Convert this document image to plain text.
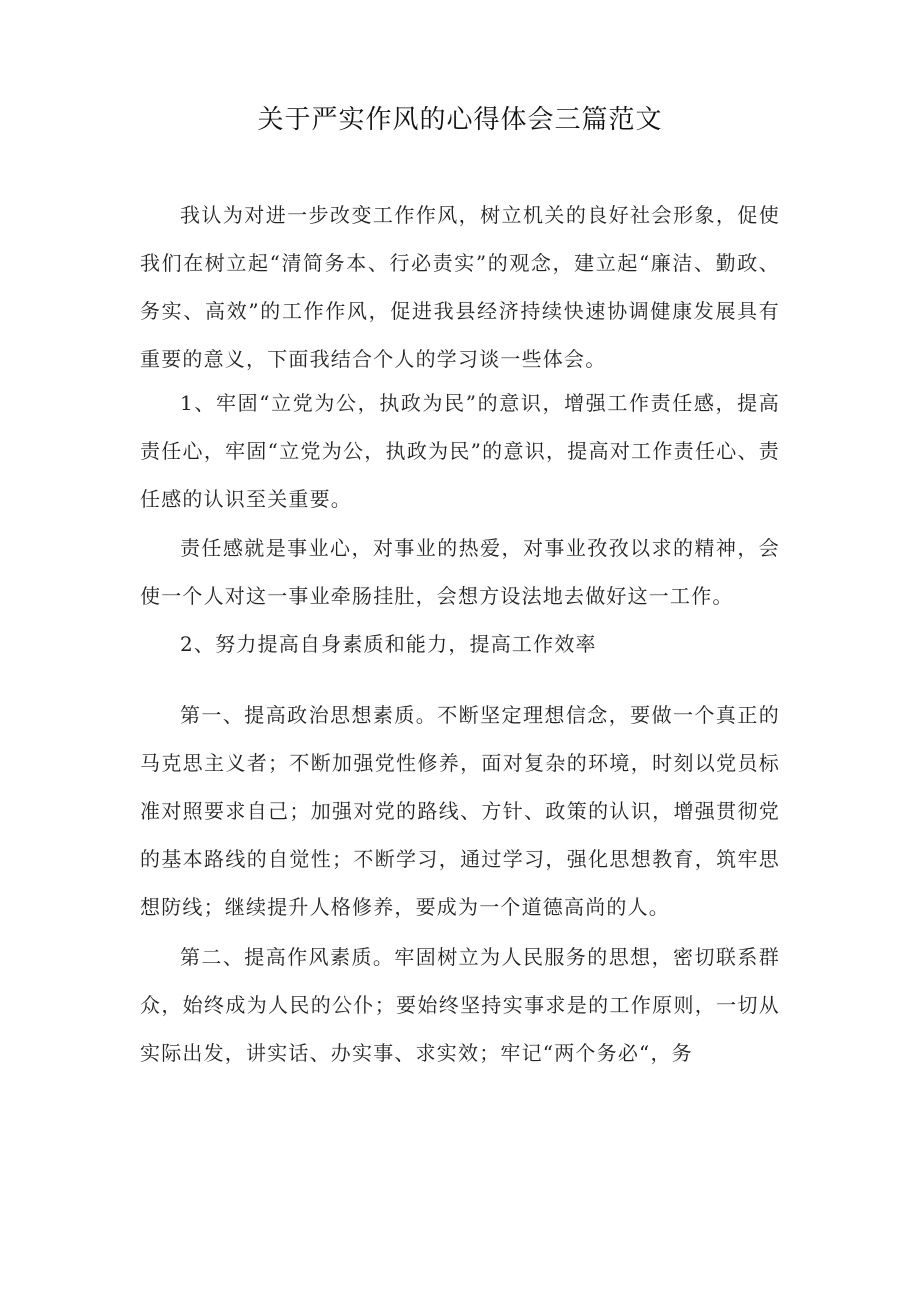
关于严实作风的心得体会三篇范文

我认为对进一步改变工作作风，树立机关的良好社会形象，促使我们在树立起“清简务本、行必责实”的观念，建立起“廉洁、勤政、务实、高效”的工作作风，促进我县经济持续快速协调健康发展具有重要的意义，下面我结合个人的学习谈一些体会。

1、牢固“立党为公，执政为民”的意识，增强工作责任感，提高责任心，牢固“立党为公，执政为民”的意识，提高对工作责任心、责任感的认识至关重要。

责任感就是事业心，对事业的热爱，对事业孜孜以求的精神，会使一个人对这一事业牵肠挂肚，会想方设法地去做好这一工作。

2、努力提高自身素质和能力，提高工作效率

第一、提高政治思想素质。不断坚定理想信念，要做一个真正的马克思主义者；不断加强党性修养，面对复杂的环境，时刻以党员标准对照要求自己；加强对党的路线、方针、政策的认识，增强贯彻党的基本路线的自觉性；不断学习，通过学习，强化思想教育，筑牢思想防线；继续提升人格修养，要成为一个道德高尚的人。

第二、提高作风素质。牢固树立为人民服务的思想，密切联系群众，始终成为人民的公仆；要始终坚持实事求是的工作原则，一切从实际出发，讲实话、办实事、求实效；牢记“两个务必“，务
